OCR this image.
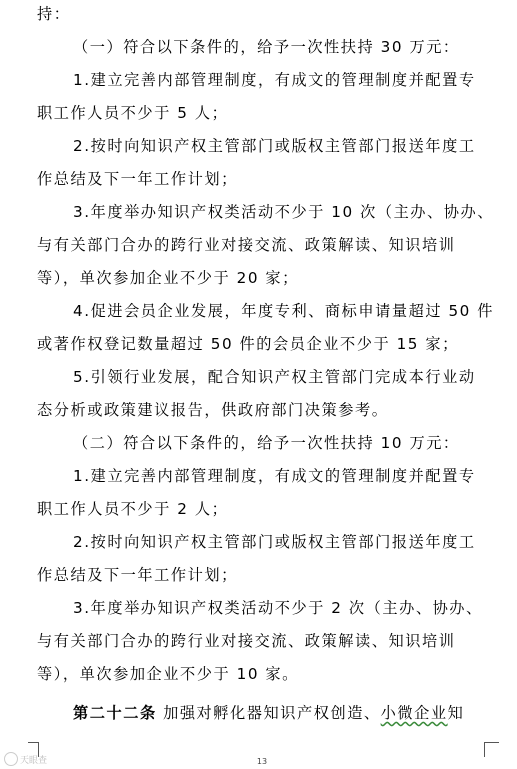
持：
（一）符合以下条件的，给予一次性扶持 30 万元：
1.建立完善内部管理制度，有成文的管理制度并配置专
职工作人员不少于 5 人；
2.按时向知识产权主管部门或版权主管部门报送年度工
作总结及下一年工作计划；
3.年度举办知识产权类活动不少于 10 次（主办、协办、
与有关部门合办的跨行业对接交流、政策解读、知识培训
等），单次参加企业不少于 20 家；
4.促进会员企业发展，年度专利、商标申请量超过 50 件
或著作权登记数量超过 50 件的会员企业不少于 15 家；
5.引领行业发展，配合知识产权主管部门完成本行业动
态分析或政策建议报告，供政府部门决策参考。
（二）符合以下条件的，给予一次性扶持 10 万元：
1.建立完善内部管理制度，有成文的管理制度并配置专
职工作人员不少于 2 人；
2.按时向知识产权主管部门或版权主管部门报送年度工
作总结及下一年工作计划；
3.年度举办知识产权类活动不少于 2 次（主办、协办、
与有关部门合办的跨行业对接交流、政策解读、知识培训
等），单次参加企业不少于 10 家。
第二十二条 加强对孵化器知识产权创造、小微企业知
13
天眼查
